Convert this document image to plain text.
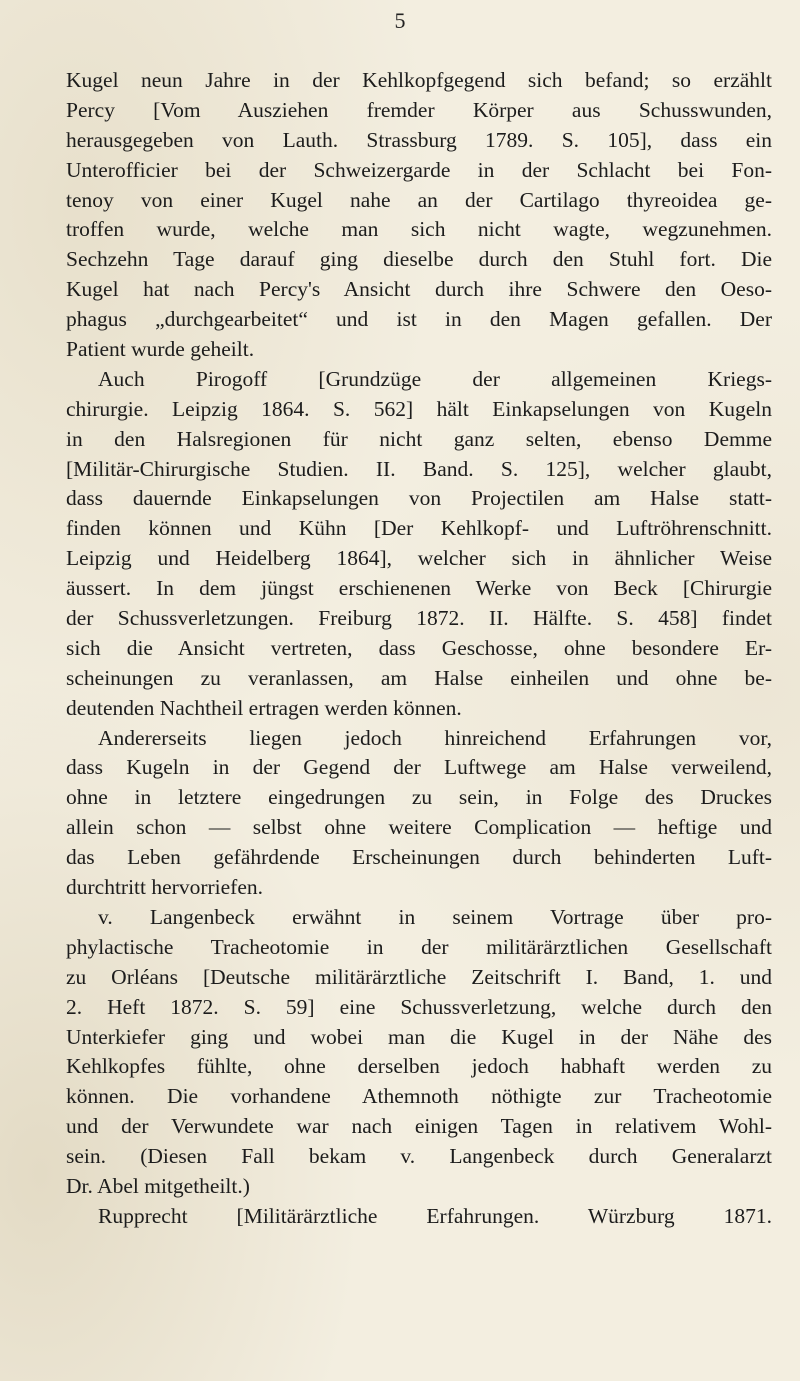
5
Kugel neun Jahre in der Kehlkopfgegend sich befand; so erzählt
Percy [Vom Ausziehen fremder Körper aus Schusswunden,
herausgegeben von Lauth. Strassburg 1789. S. 105], dass ein
Unterofficier bei der Schweizergarde in der Schlacht bei Fon-
tenoy von einer Kugel nahe an der Cartilago thyreoidea ge-
troffen wurde, welche man sich nicht wagte, wegzunehmen.
Sechzehn Tage darauf ging dieselbe durch den Stuhl fort. Die
Kugel hat nach Percy's Ansicht durch ihre Schwere den Oeso-
phagus „durchgearbeitet“ und ist in den Magen gefallen. Der
Patient wurde geheilt.
Auch Pirogoff [Grundzüge der allgemeinen Kriegs-
chirurgie. Leipzig 1864. S. 562] hält Einkapselungen von Kugeln
in den Halsregionen für nicht ganz selten, ebenso Demme
[Militär-Chirurgische Studien. II. Band. S. 125], welcher glaubt,
dass dauernde Einkapselungen von Projectilen am Halse statt-
finden können und Kühn [Der Kehlkopf- und Luftröhrenschnitt.
Leipzig und Heidelberg 1864], welcher sich in ähnlicher Weise
äussert. In dem jüngst erschienenen Werke von Beck [Chirurgie
der Schussverletzungen. Freiburg 1872. II. Hälfte. S. 458] findet
sich die Ansicht vertreten, dass Geschosse, ohne besondere Er-
scheinungen zu veranlassen, am Halse einheilen und ohne be-
deutenden Nachtheil ertragen werden können.
Andererseits liegen jedoch hinreichend Erfahrungen vor,
dass Kugeln in der Gegend der Luftwege am Halse verweilend,
ohne in letztere eingedrungen zu sein, in Folge des Druckes
allein schon — selbst ohne weitere Complication — heftige und
das Leben gefährdende Erscheinungen durch behinderten Luft-
durchtritt hervorriefen.
v. Langenbeck erwähnt in seinem Vortrage über pro-
phylactische Tracheotomie in der militärärztlichen Gesellschaft
zu Orléans [Deutsche militärärztliche Zeitschrift I. Band, 1. und
2. Heft 1872. S. 59] eine Schussverletzung, welche durch den
Unterkiefer ging und wobei man die Kugel in der Nähe des
Kehlkopfes fühlte, ohne derselben jedoch habhaft werden zu
können. Die vorhandene Athemnoth nöthigte zur Tracheotomie
und der Verwundete war nach einigen Tagen in relativem Wohl-
sein. (Diesen Fall bekam v. Langenbeck durch Generalarzt
Dr. Abel mitgetheilt.)
Rupprecht [Militärärztliche Erfahrungen. Würzburg 1871.
